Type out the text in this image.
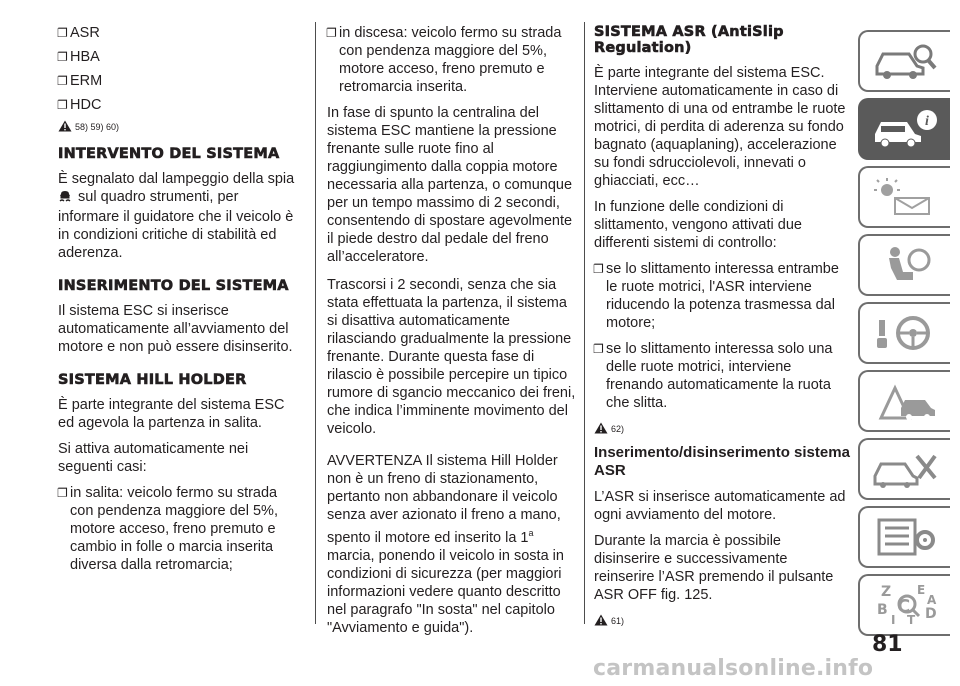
❐ ASR
❐ HBA
❐ ERM
❐ HDC
58) 59) 60)
INTERVENTO DEL SISTEMA

È segnalato dal lampeggio della spia
sul quadro strumenti, per informare il guidatore che il veicolo è in condizioni critiche di stabilità ed aderenza.

INSERIMENTO DEL SISTEMA

Il sistema ESC si inserisce automaticamente all’avviamento del motore e non può essere disinserito.

SISTEMA HILL HOLDER

È parte integrante del sistema ESC ed agevola la partenza in salita.

Si attiva automaticamente nei seguenti casi:

❐ in salita: veicolo fermo su strada con pendenza maggiore del 5%, motore acceso, freno premuto e cambio in folle o marcia inserita diversa dalla retromarcia;
❐ in discesa: veicolo fermo su strada con pendenza maggiore del 5%, motore acceso, freno premuto e retromarcia inserita.

In fase di spunto la centralina del sistema ESC mantiene la pressione frenante sulle ruote fino al raggiungimento dalla coppia motore necessaria alla partenza, o comunque per un tempo massimo di 2 secondi, consentendo di spostare agevolmente il piede destro dal pedale del freno all’acceleratore.

Trascorsi i 2 secondi, senza che sia stata effettuata la partenza, il sistema si disattiva automaticamente rilasciando gradualmente la pressione frenante. Durante questa fase di rilascio è possibile percepire un tipico rumore di sgancio meccanico dei freni, che indica l’imminente movimento del veicolo.

AVVERTENZA Il sistema Hill Holder non è un freno di stazionamento, pertanto non abbandonare il veicolo senza aver azionato il freno a mano, spento il motore ed inserito la 1$^a$ marcia, ponendo il veicolo in sosta in condizioni di sicurezza (per maggiori informazioni vedere quanto descritto nel paragrafo "In sosta" nel capitolo "Avviamento e guida").

SISTEMA ASR (AntiSlip Regulation)

È parte integrante del sistema ESC. Interviene automaticamente in caso di slittamento di una od entrambe le ruote motrici, di perdita di aderenza su fondo bagnato (aquaplaning), accelerazione su fondi sdrucciolevoli, innevati o ghiacciati, ecc…

In funzione delle condizioni di slittamento, vengono attivati due differenti sistemi di controllo:

❐ se lo slittamento interessa entrambe le ruote motrici, l'ASR interviene riducendo la potenza trasmessa dal motore;
❐ se lo slittamento interessa solo una delle ruote motrici, interviene frenando automaticamente la ruota che slitta.
62)
Inserimento/disinserimento sistema ASR

L’ASR si inserisce automaticamente ad ogni avviamento del motore.

Durante la marcia è possibile disinserire e successivamente reinserire l’ASR premendo il pulsante ASR OFF fig. 125.

61)
i
Z E
B
I
C
T D
A
81
carmanualsonline.info
